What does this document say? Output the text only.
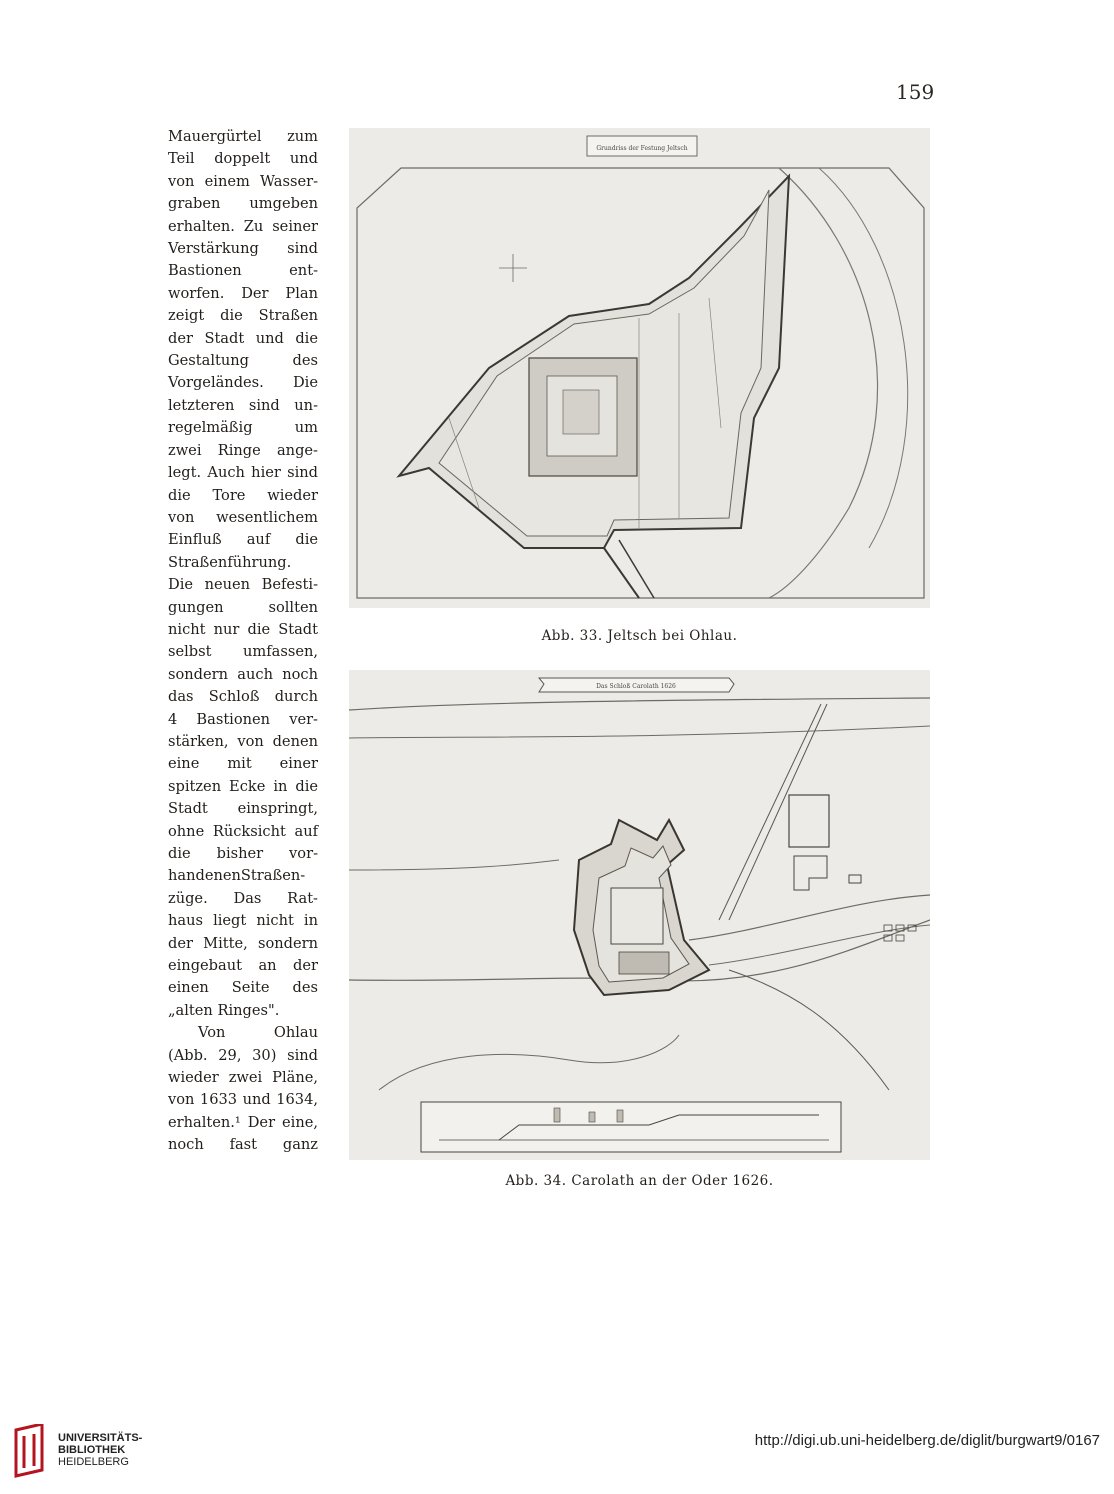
159

Mauergürtel zum

Teil doppelt und

von einem Wasser-

graben umgeben

erhalten. Zu seiner

Verstärkung sind

Bastionen ent-

worfen. Der Plan

zeigt die Straßen

der Stadt und die

Gestaltung des

Vorgeländes. Die

letzteren sind un-

regelmäßig um

zwei Ringe ange-

legt. Auch hier sind

die Tore wieder

von wesentlichem

Einfluß auf die

Straßenführung.

Die neuen Befesti-

gungen sollten

nicht nur die Stadt

selbst umfassen,

sondern auch noch

das Schloß durch

4 Bastionen ver-

stärken, von denen

eine mit einer

spitzen Ecke in die

Stadt einspringt,

ohne Rücksicht auf

die bisher vor-

handenenStraßen-

züge. Das Rat-

haus liegt nicht in

der Mitte, sondern

eingebaut an der

einen Seite des

„alten Ringes".

Von Ohlau

(Abb. 29, 30) sind

wieder zwei Pläne,

von 1633 und 1634,

erhalten.¹ Der eine,

noch fast ganz

Grundriss der Festung Jeltsch
Abb. 33. Jeltsch bei Ohlau.
Das Schloß Carolath 1626
Abb. 34. Carolath an der Oder 1626.
UNIVERSITÄTS-
BIBLIOTHEK
HEIDELBERG
http://digi.ub.uni-heidelberg.de/diglit/burgwart9/0167
